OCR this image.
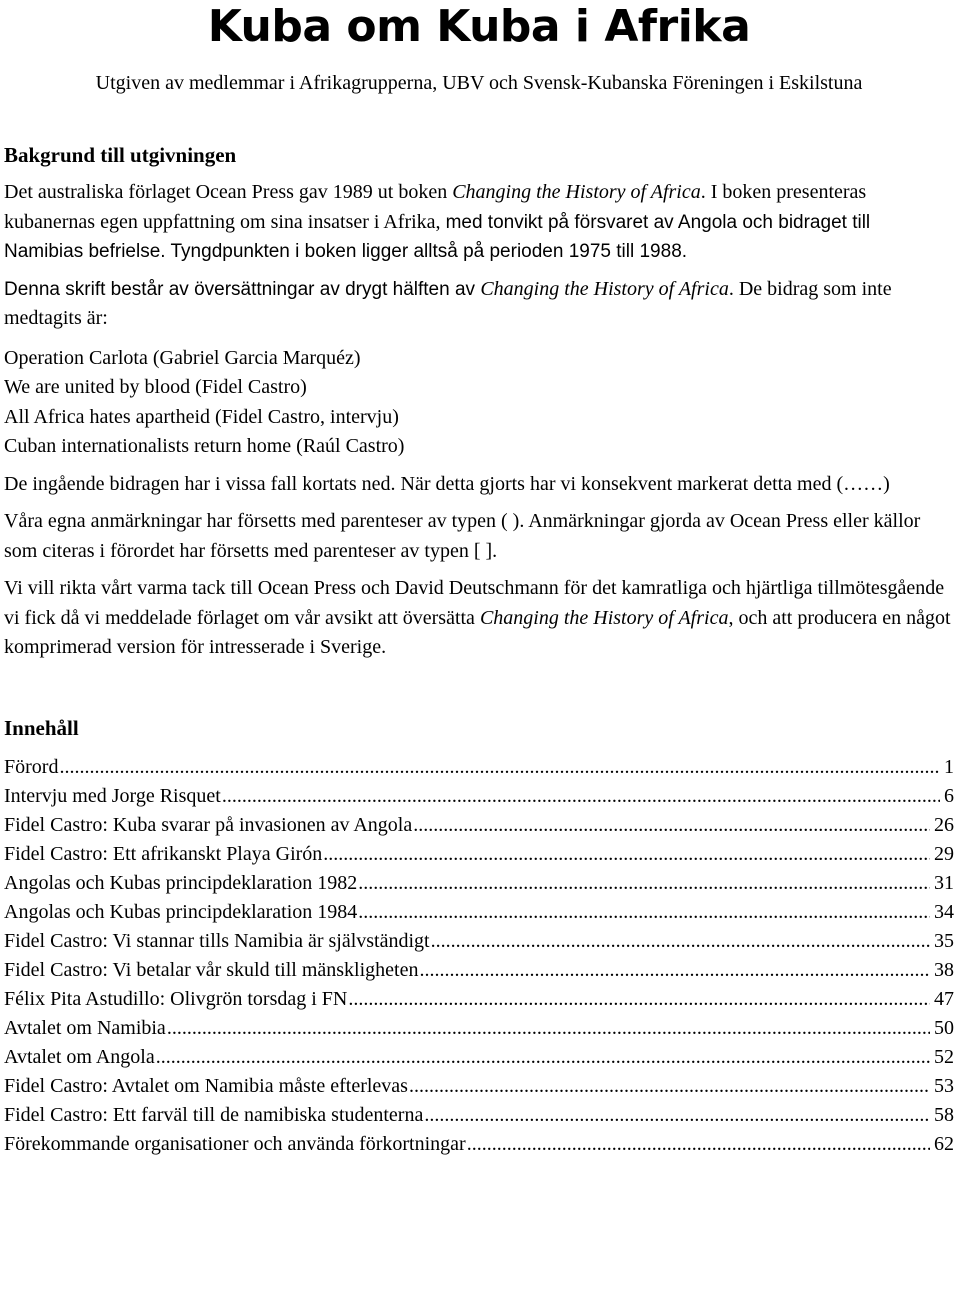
Kuba om Kuba i Afrika
Utgiven av medlemmar i Afrikagrupperna, UBV och Svensk-Kubanska Föreningen i Eskilstuna
Bakgrund till utgivningen

Det australiska förlaget Ocean Press gav 1989 ut boken Changing the History of Africa. I boken presenteras kubanernas egen uppfattning om sina insatser i Afrika, med tonvikt på försvaret av Angola och bidraget till Namibias befrielse. Tyngdpunkten i boken ligger alltså på perioden 1975 till 1988.

Denna skrift består av översättningar av drygt hälften av Changing the History of Africa. De bidrag som inte medtagits är:

Operation Carlota (Gabriel Garcia Marquéz)
We are united by blood (Fidel Castro)
All Africa hates apartheid (Fidel Castro, intervju)
Cuban internationalists return home (Raúl Castro)

De ingående bidragen har i vissa fall kortats ned. När detta gjorts har vi konsekvent markerat detta med (……)

Våra egna anmärkningar har försetts med parenteser av typen ( ). Anmärkningar gjorda av Ocean Press eller källor som citeras i förordet har försetts med parenteser av typen [ ].

Vi vill rikta vårt varma tack till Ocean Press och David Deutschmann för det kamratliga och hjärtliga tillmötesgående vi fick då vi meddelade förlaget om vår avsikt att översätta Changing the History of Africa, och att producera en något komprimerad version för intresserade i Sverige.

Innehåll
Förord .....	1
Intervju med Jorge Risquet .....	6
Fidel Castro: Kuba svarar på invasionen av Angola .....	26
Fidel Castro: Ett afrikanskt Playa Girón .....	29
Angolas och Kubas principdeklaration 1982 .....	31
Angolas och Kubas principdeklaration 1984 .....	34
Fidel Castro: Vi stannar tills Namibia är självständigt .....	35
Fidel Castro: Vi betalar vår skuld till mänskligheten .....	38
Félix Pita Astudillo: Olivgrön torsdag i FN .....	47
Avtalet om Namibia .....	50
Avtalet om Angola .....	52
Fidel Castro: Avtalet om Namibia måste efterlevas .....	53
Fidel Castro: Ett farväl till de namibiska studenterna .....	58
Förekommande organisationer och använda förkortningar .....	62
